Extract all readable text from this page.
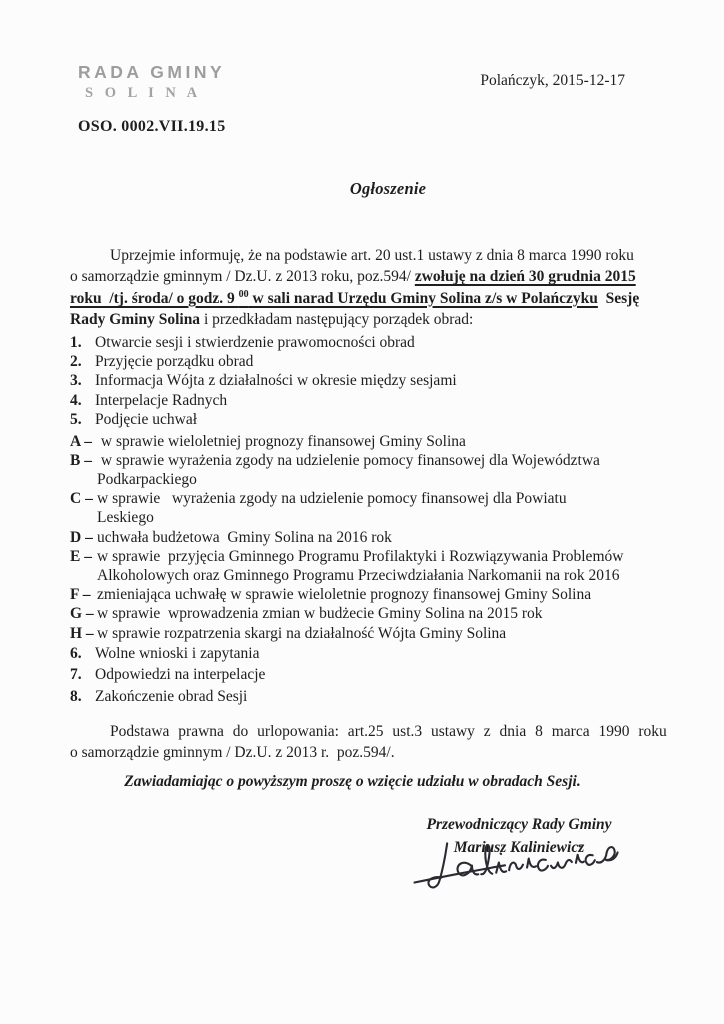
RADA GMINY
S O L I N A
Polańczyk, 2015-12-17
OSO. 0002.VII.19.15
Ogłoszenie
Uprzejmie informuję, że na podstawie art. 20 ust.1 ustawy z dnia 8 marca 1990 roku
o samorządzie gminnym / Dz.U. z 2013 roku, poz.594/ zwołuję na dzień 30 grudnia 2015
roku  /tj. środa/ o godz. 9 $^{00}$ w sali narad Urzędu Gminy Solina z/s w Polańczyku  Sesję
Rady Gminy Solina i przedkładam następujący porządek obrad:
1. Otwarcie sesji i stwierdzenie prawomocności obrad
2. Przyjęcie porządku obrad
3. Informacja Wójta z działalności w okresie między sesjami
4. Interpelacje Radnych
5. Podjęcie uchwał
A – w sprawie wieloletniej prognozy finansowej Gminy Solina
B – w sprawie wyrażenia zgody na udzielenie pomocy finansowej dla Województwa
Podkarpackiego
C – w sprawie   wyrażenia zgody na udzielenie pomocy finansowej dla Powiatu
Leskiego
D – uchwała budżetowa  Gminy Solina na 2016 rok
E – w sprawie  przyjęcia Gminnego Programu Profilaktyki i Rozwiązywania Problemów
Alkoholowych oraz Gminnego Programu Przeciwdziałania Narkomanii na rok 2016
F – zmieniająca uchwałę w sprawie wieloletnie prognozy finansowej Gminy Solina
G – w sprawie  wprowadzenia zmian w budżecie Gminy Solina na 2015 rok
H – w sprawie rozpatrzenia skargi na działalność Wójta Gminy Solina
6. Wolne wnioski i zapytania
7. Odpowiedzi na interpelacje
8. Zakończenie obrad Sesji
Podstawa prawna do urlopowania: art.25 ust.3 ustawy z dnia 8 marca 1990 roku
o samorządzie gminnym / Dz.U. z 2013 r.  poz.594/.
Zawiadamiając o powyższym proszę o wzięcie udziału w obradach Sesji.
Przewodniczący Rady Gminy
Mariusz Kaliniewicz
